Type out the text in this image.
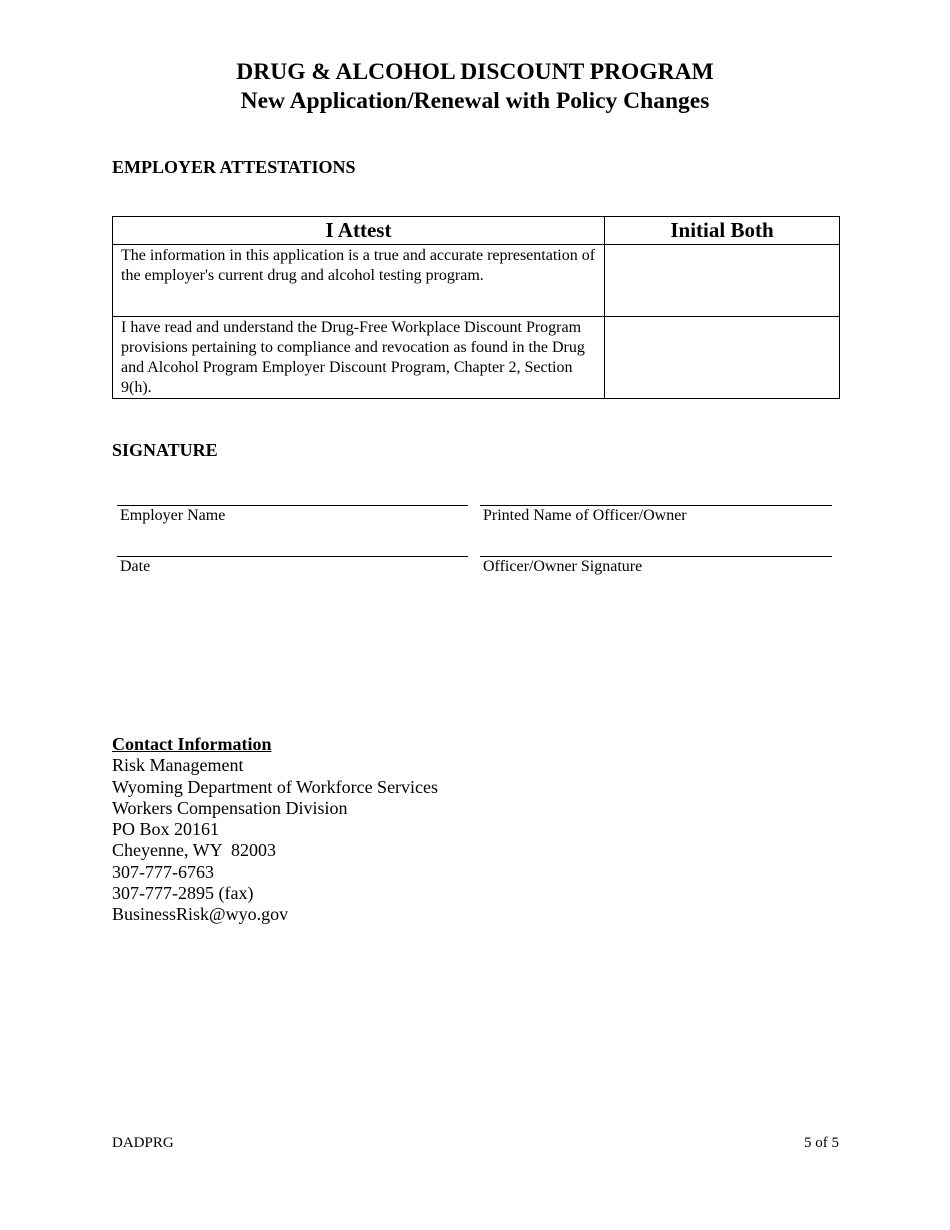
DRUG & ALCOHOL DISCOUNT PROGRAM
New Application/Renewal with Policy Changes
EMPLOYER ATTESTATIONS
I Attest	Initial Both
The information in this application is a true and accurate representation of the employer's current drug and alcohol testing program.	
I have read and understand the Drug-Free Workplace Discount Program provisions pertaining to compliance and revocation as found in the Drug and Alcohol Program Employer Discount Program, Chapter 2, Section 9(h).	
SIGNATURE
Employer Name	Printed Name of Officer/Owner
Date	Officer/Owner Signature
Contact Information
Risk Management
Wyoming Department of Workforce Services
Workers Compensation Division
PO Box 20161
Cheyenne, WY  82003
307-777-6763
307-777-2895 (fax)
BusinessRisk@wyo.gov
DADPRG	5 of 5
